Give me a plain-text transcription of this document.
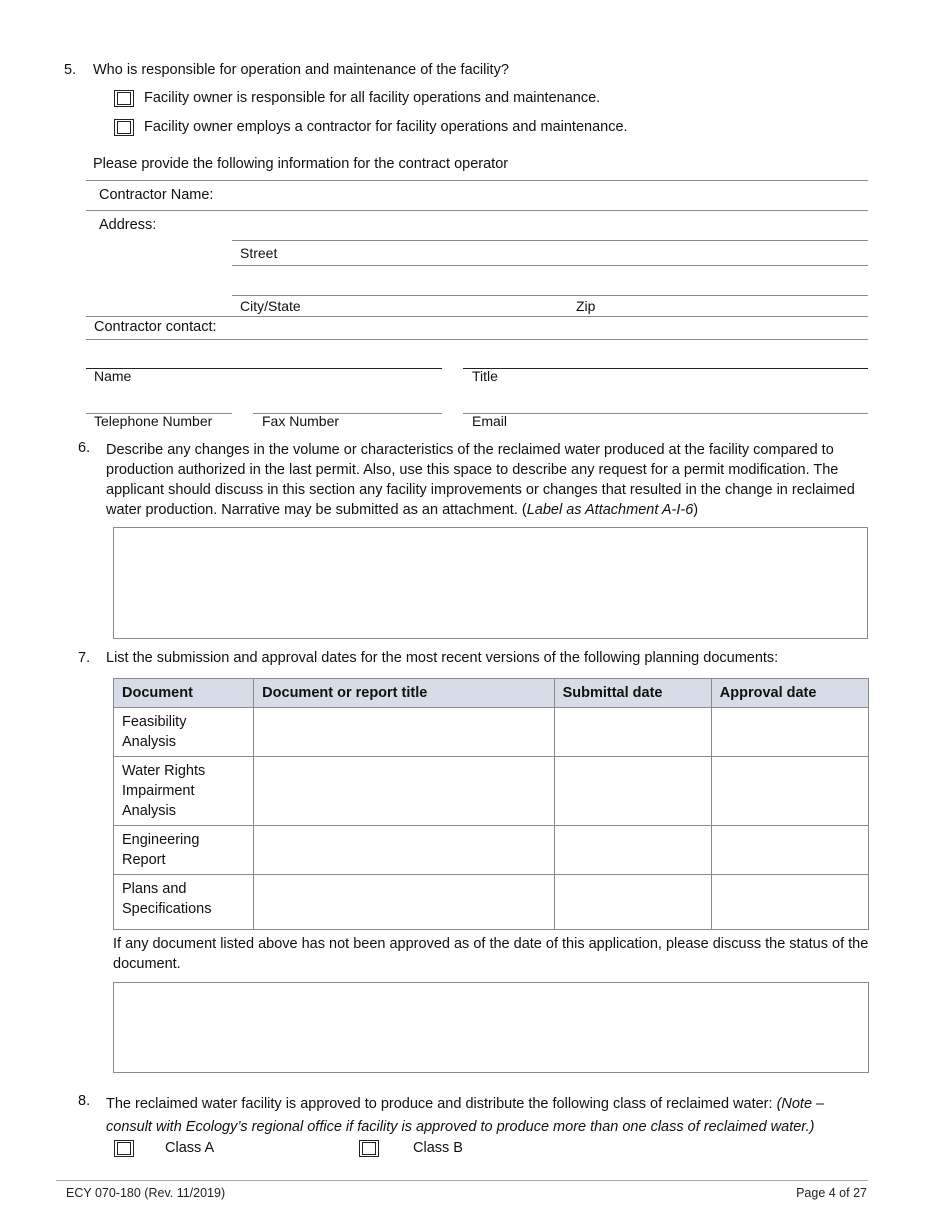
5. Who is responsible for operation and maintenance of the facility?
Facility owner is responsible for all facility operations and maintenance.
Facility owner employs a contractor for facility operations and maintenance.
Please provide the following information for the contract operator
Contractor Name:
Address:
Street
City/State	Zip
Contractor contact:
Name	Title
Telephone Number	Fax Number	Email
6. Describe any changes in the volume or characteristics of the reclaimed water produced at the facility compared to production authorized in the last permit. Also, use this space to describe any request for a permit modification. The applicant should discuss in this section any facility improvements or changes that resulted in the change in reclaimed water production. Narrative may be submitted as an attachment. (Label as Attachment A-I-6)
7. List the submission and approval dates for the most recent versions of the following planning documents:
Document	Document or report title	Submittal date	Approval date
Feasibility Analysis			
Water Rights Impairment Analysis			
Engineering Report			
Plans and Specifications			
If any document listed above has not been approved as of the date of this application, please discuss the status of the document.
8. The reclaimed water facility is approved to produce and distribute the following class of reclaimed water: (Note – consult with Ecology’s regional office if facility is approved to produce more than one class of reclaimed water.)
Class A	Class B
ECY 070-180 (Rev. 11/2019)	Page 4 of 27
